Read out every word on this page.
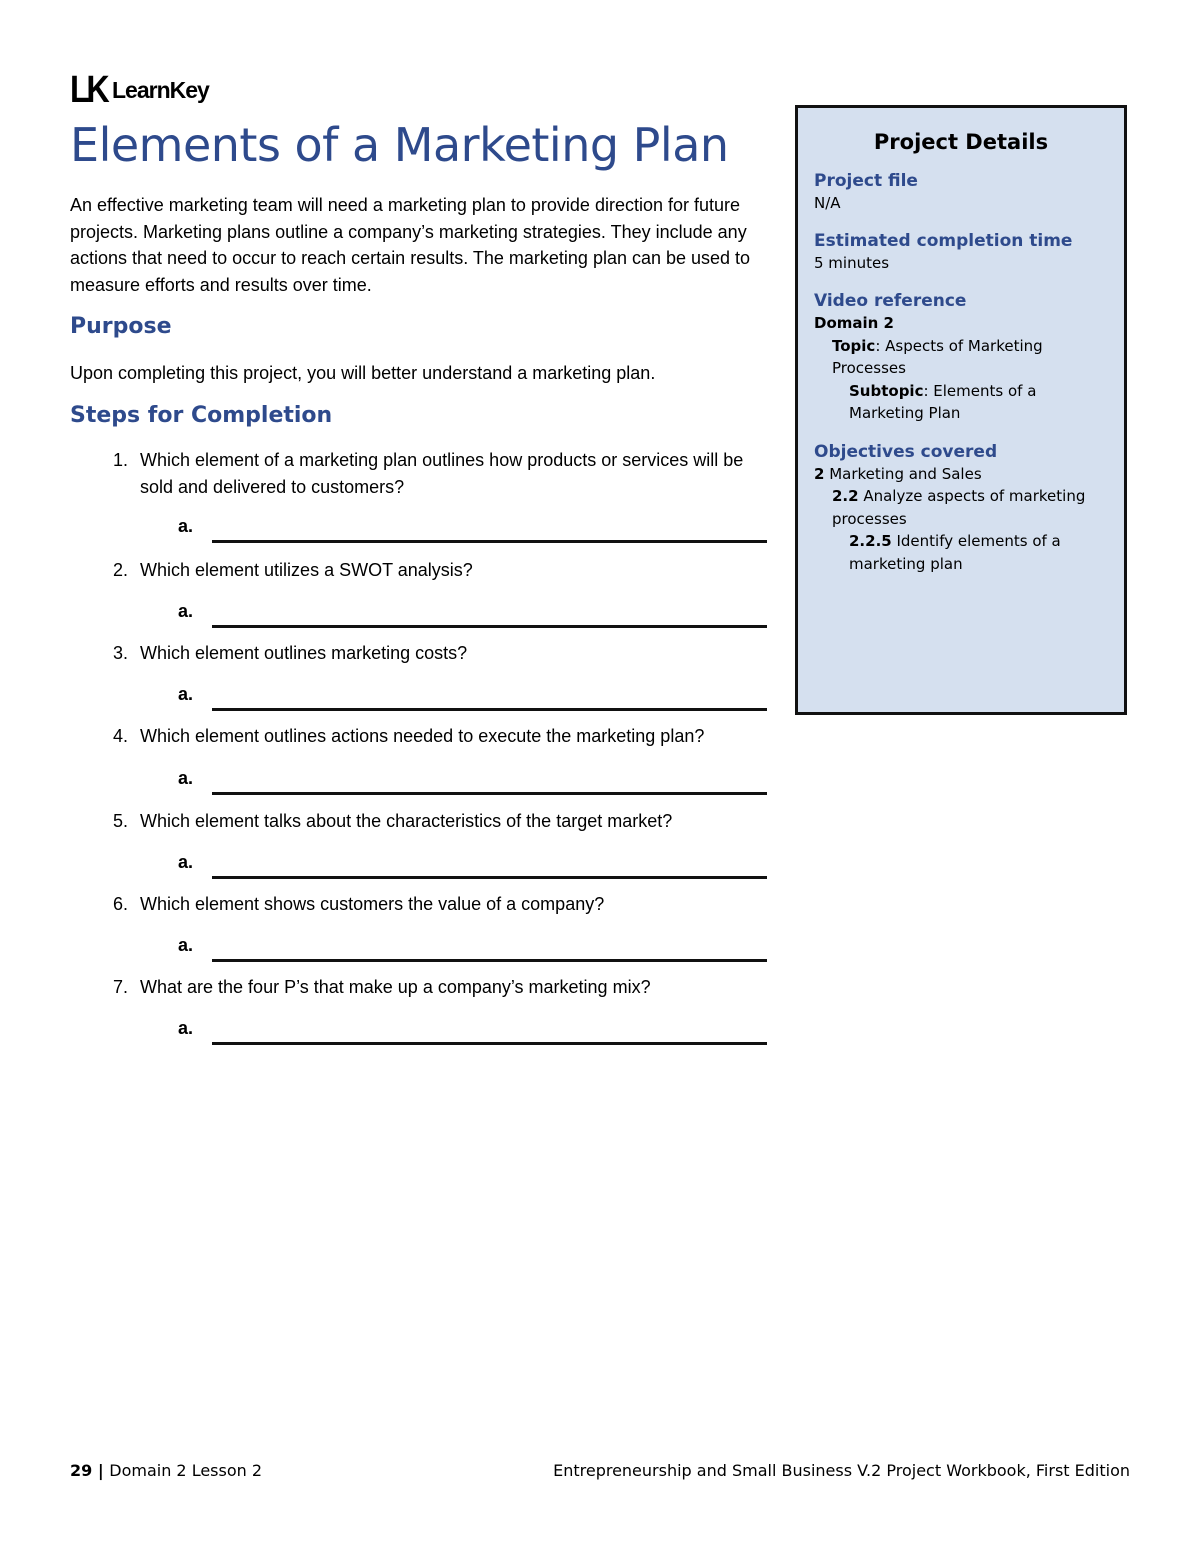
LK LearnKey
Elements of a Marketing Plan

An effective marketing team will need a marketing plan to provide direction for future projects. Marketing plans outline a company’s marketing strategies. They include any actions that need to occur to reach certain results. The marketing plan can be used to measure efforts and results over time.

Purpose

Upon completing this project, you will better understand a marketing plan.

Steps for Completion
1. Which element of a marketing plan outlines how products or services will be sold and delivered to customers?
a.
2. Which element utilizes a SWOT analysis?
a.
3. Which element outlines marketing costs?
a.
4. Which element outlines actions needed to execute the marketing plan?
a.
5. Which element talks about the characteristics of the target market?
a.
6. Which element shows customers the value of a company?
a.
7. What are the four P’s that make up a company’s marketing mix?
a.
Project Details
Project file
N/A
Estimated completion time
5 minutes
Video reference
Domain 2
Topic: Aspects of Marketing Processes
Subtopic: Elements of a Marketing Plan
Objectives covered
2 Marketing and Sales
2.2 Analyze aspects of marketing processes
2.2.5 Identify elements of a marketing plan
29 | Domain 2 Lesson 2	Entrepreneurship and Small Business V.2 Project Workbook, First Edition
